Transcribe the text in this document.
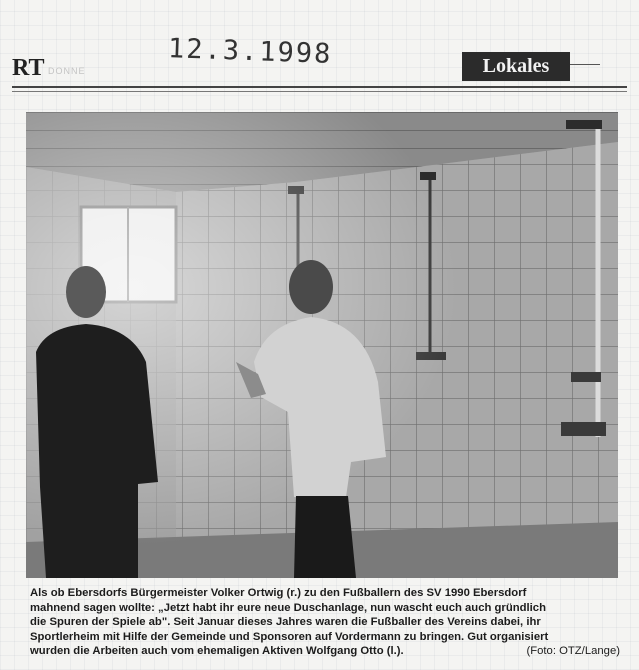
12.3.1998
RT DONNE	Lokales
Als ob Ebersdorfs Bürgermeister Volker Ortwig (r.) zu den Fußballern des SV 1990 Ebersdorf
mahnend sagen wollte: „Jetzt habt ihr eure neue Duschanlage, nun wascht euch auch gründlich
die Spuren der Spiele ab". Seit Januar dieses Jahres waren die Fußballer des Vereins dabei, ihr
Sportlerheim mit Hilfe der Gemeinde und Sponsoren auf Vordermann zu bringen. Gut organisiert
wurden die Arbeiten auch vom ehemaligen Aktiven Wolfgang Otto (l.).	(Foto: OTZ/Lange)
